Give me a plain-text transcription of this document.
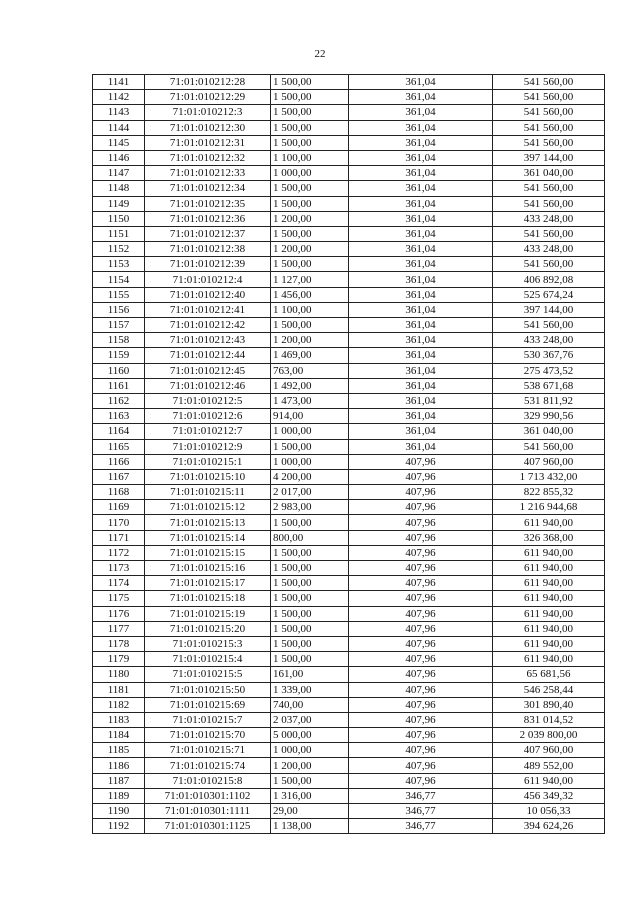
22
1141	71:01:010212:28	1 500,00	361,04	541 560,00
1142	71:01:010212:29	1 500,00	361,04	541 560,00
1143	71:01:010212:3	1 500,00	361,04	541 560,00
1144	71:01:010212:30	1 500,00	361,04	541 560,00
1145	71:01:010212:31	1 500,00	361,04	541 560,00
1146	71:01:010212:32	1 100,00	361,04	397 144,00
1147	71:01:010212:33	1 000,00	361,04	361 040,00
1148	71:01:010212:34	1 500,00	361,04	541 560,00
1149	71:01:010212:35	1 500,00	361,04	541 560,00
1150	71:01:010212:36	1 200,00	361,04	433 248,00
1151	71:01:010212:37	1 500,00	361,04	541 560,00
1152	71:01:010212:38	1 200,00	361,04	433 248,00
1153	71:01:010212:39	1 500,00	361,04	541 560,00
1154	71:01:010212:4	1 127,00	361,04	406 892,08
1155	71:01:010212:40	1 456,00	361,04	525 674,24
1156	71:01:010212:41	1 100,00	361,04	397 144,00
1157	71:01:010212:42	1 500,00	361,04	541 560,00
1158	71:01:010212:43	1 200,00	361,04	433 248,00
1159	71:01:010212:44	1 469,00	361,04	530 367,76
1160	71:01:010212:45	763,00	361,04	275 473,52
1161	71:01:010212:46	1 492,00	361,04	538 671,68
1162	71:01:010212:5	1 473,00	361,04	531 811,92
1163	71:01:010212:6	914,00	361,04	329 990,56
1164	71:01:010212:7	1 000,00	361,04	361 040,00
1165	71:01:010212:9	1 500,00	361,04	541 560,00
1166	71:01:010215:1	1 000,00	407,96	407 960,00
1167	71:01:010215:10	4 200,00	407,96	1 713 432,00
1168	71:01:010215:11	2 017,00	407,96	822 855,32
1169	71:01:010215:12	2 983,00	407,96	1 216 944,68
1170	71:01:010215:13	1 500,00	407,96	611 940,00
1171	71:01:010215:14	800,00	407,96	326 368,00
1172	71:01:010215:15	1 500,00	407,96	611 940,00
1173	71:01:010215:16	1 500,00	407,96	611 940,00
1174	71:01:010215:17	1 500,00	407,96	611 940,00
1175	71:01:010215:18	1 500,00	407,96	611 940,00
1176	71:01:010215:19	1 500,00	407,96	611 940,00
1177	71:01:010215:20	1 500,00	407,96	611 940,00
1178	71:01:010215:3	1 500,00	407,96	611 940,00
1179	71:01:010215:4	1 500,00	407,96	611 940,00
1180	71:01:010215:5	161,00	407,96	65 681,56
1181	71:01:010215:50	1 339,00	407,96	546 258,44
1182	71:01:010215:69	740,00	407,96	301 890,40
1183	71:01:010215:7	2 037,00	407,96	831 014,52
1184	71:01:010215:70	5 000,00	407,96	2 039 800,00
1185	71:01:010215:71	1 000,00	407,96	407 960,00
1186	71:01:010215:74	1 200,00	407,96	489 552,00
1187	71:01:010215:8	1 500,00	407,96	611 940,00
1189	71:01:010301:1102	1 316,00	346,77	456 349,32
1190	71:01:010301:1111	29,00	346,77	10 056,33
1192	71:01:010301:1125	1 138,00	346,77	394 624,26
